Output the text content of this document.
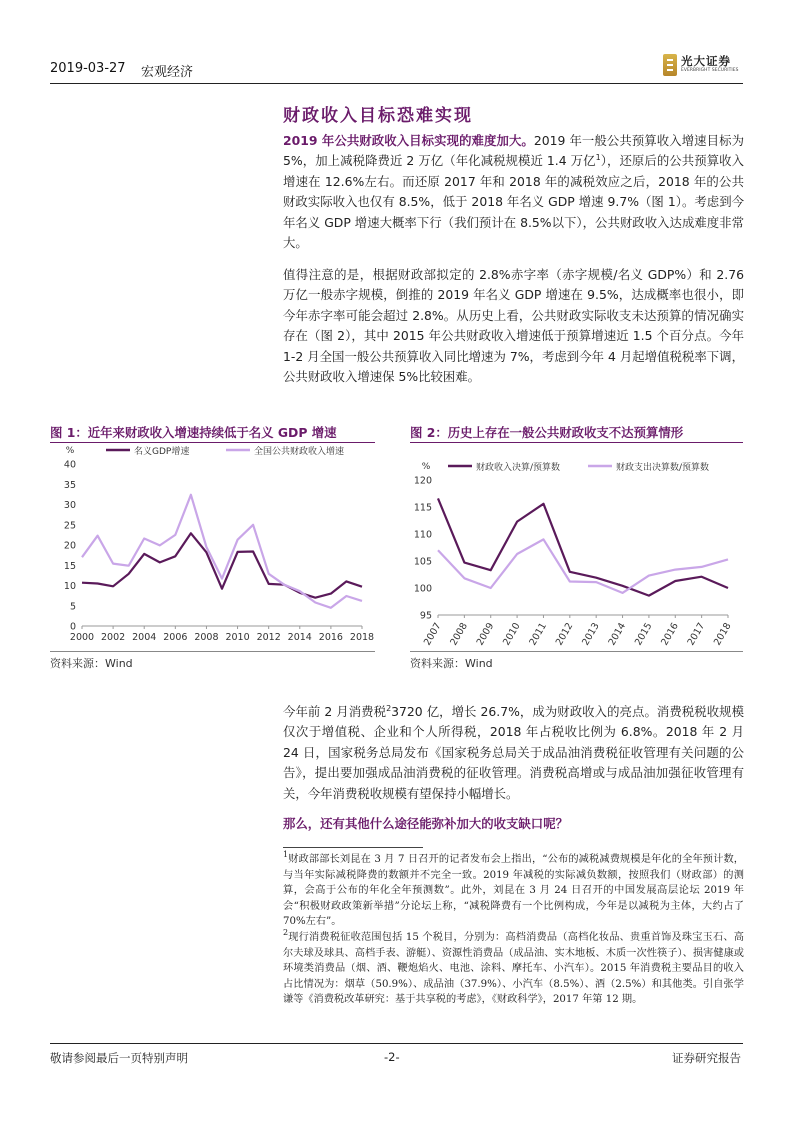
2019-03-27 宏观经济
光大证券
EVERBRIGHT SECURITIES
财政收入目标恐难实现
2019 年公共财政收入目标实现的难度加大。2019 年一般公共预算收入增速目标为 5%，加上减税降费近 2 万亿（年化减税规模近 1.4 万亿$^1$），还原后的公共预算收入增速在 12.6%左右。而还原 2017 年和 2018 年的减税效应之后，2018 年的公共财政实际收入也仅有 8.5%，低于 2018 年名义 GDP 增速 9.7%（图 1）。考虑到今年名义 GDP 增速大概率下行（我们预计在 8.5%以下），公共财政收入达成难度非常大。
值得注意的是，根据财政部拟定的 2.8%赤字率（赤字规模/名义 GDP%）和 2.76 万亿一般赤字规模，倒推的 2019 年名义 GDP 增速在 9.5%，达成概率也很小，即今年赤字率可能会超过 2.8%。从历史上看，公共财政实际收支未达预算的情况确实存在（图 2），其中 2015 年公共财政收入增速低于预算增速近 1.5 个百分点。今年 1-2 月全国一般公共预算收入同比增速为 7%，考虑到今年 4 月起增值税税率下调，公共财政收入增速保 5%比较困难。
图 1：近年来财政收入增速持续低于名义 GDP 增速
%	名义GDP增速	全国公共财政收入增速
0
5
10
15
20
25
30
35
40
2000 2002 2004 2006 2008 2010 2012 2014 2016 2018
资料来源：Wind
图 2：历史上存在一般公共财政收支不达预算情形
%	财政收入决算/预算数	财政支出决算数/预算数
95
100
105
110
115
120
2007 2008 2009 2010 2011 2012 2013 2014 2015 2016 2017 2018
资料来源：Wind
今年前 2 月消费税$^2$3720 亿，增长 26.7%，成为财政收入的亮点。消费税税收规模仅次于增值税、企业和个人所得税，2018 年占税收比例为 6.8%。2018 年 2 月 24 日，国家税务总局发布《国家税务总局关于成品油消费税征收管理有关问题的公告》，提出要加强成品油消费税的征收管理。消费税高增或与成品油加强征收管理有关，今年消费税收规模有望保持小幅增长。
那么，还有其他什么途径能弥补加大的收支缺口呢？
$^1$财政部部长刘昆在 3 月 7 日召开的记者发布会上指出，“公布的减税减费规模是年化的全年预计数，与当年实际减税降费的数额并不完全一致。2019 年减税的实际减负数额，按照我们（财政部）的测算，会高于公布的年化全年预测数”。此外，刘昆在 3 月 24 日召开的中国发展高层论坛 2019 年会“积极财政政策新举措”分论坛上称，“减税降费有一个比例构成，今年是以减税为主体，大约占了 70%左右”。
$^2$现行消费税征收范围包括 15 个税目，分别为：高档消费品（高档化妆品、贵重首饰及珠宝玉石、高尔夫球及球具、高档手表、游艇）、资源性消费品（成品油、实木地板、木质一次性筷子）、损害健康或环境类消费品（烟、酒、鞭炮焰火、电池、涂料、摩托车、小汽车）。2015 年消费税主要品目的收入占比情况为：烟草（50.9%）、成品油（37.9%）、小汽车（8.5%）、酒（2.5%）和其他类。引自张学谦等《消费税改革研究：基于共享税的考虑》，《财政科学》，2017 年第 12 期。
敬请参阅最后一页特别声明	-2-	证券研究报告
